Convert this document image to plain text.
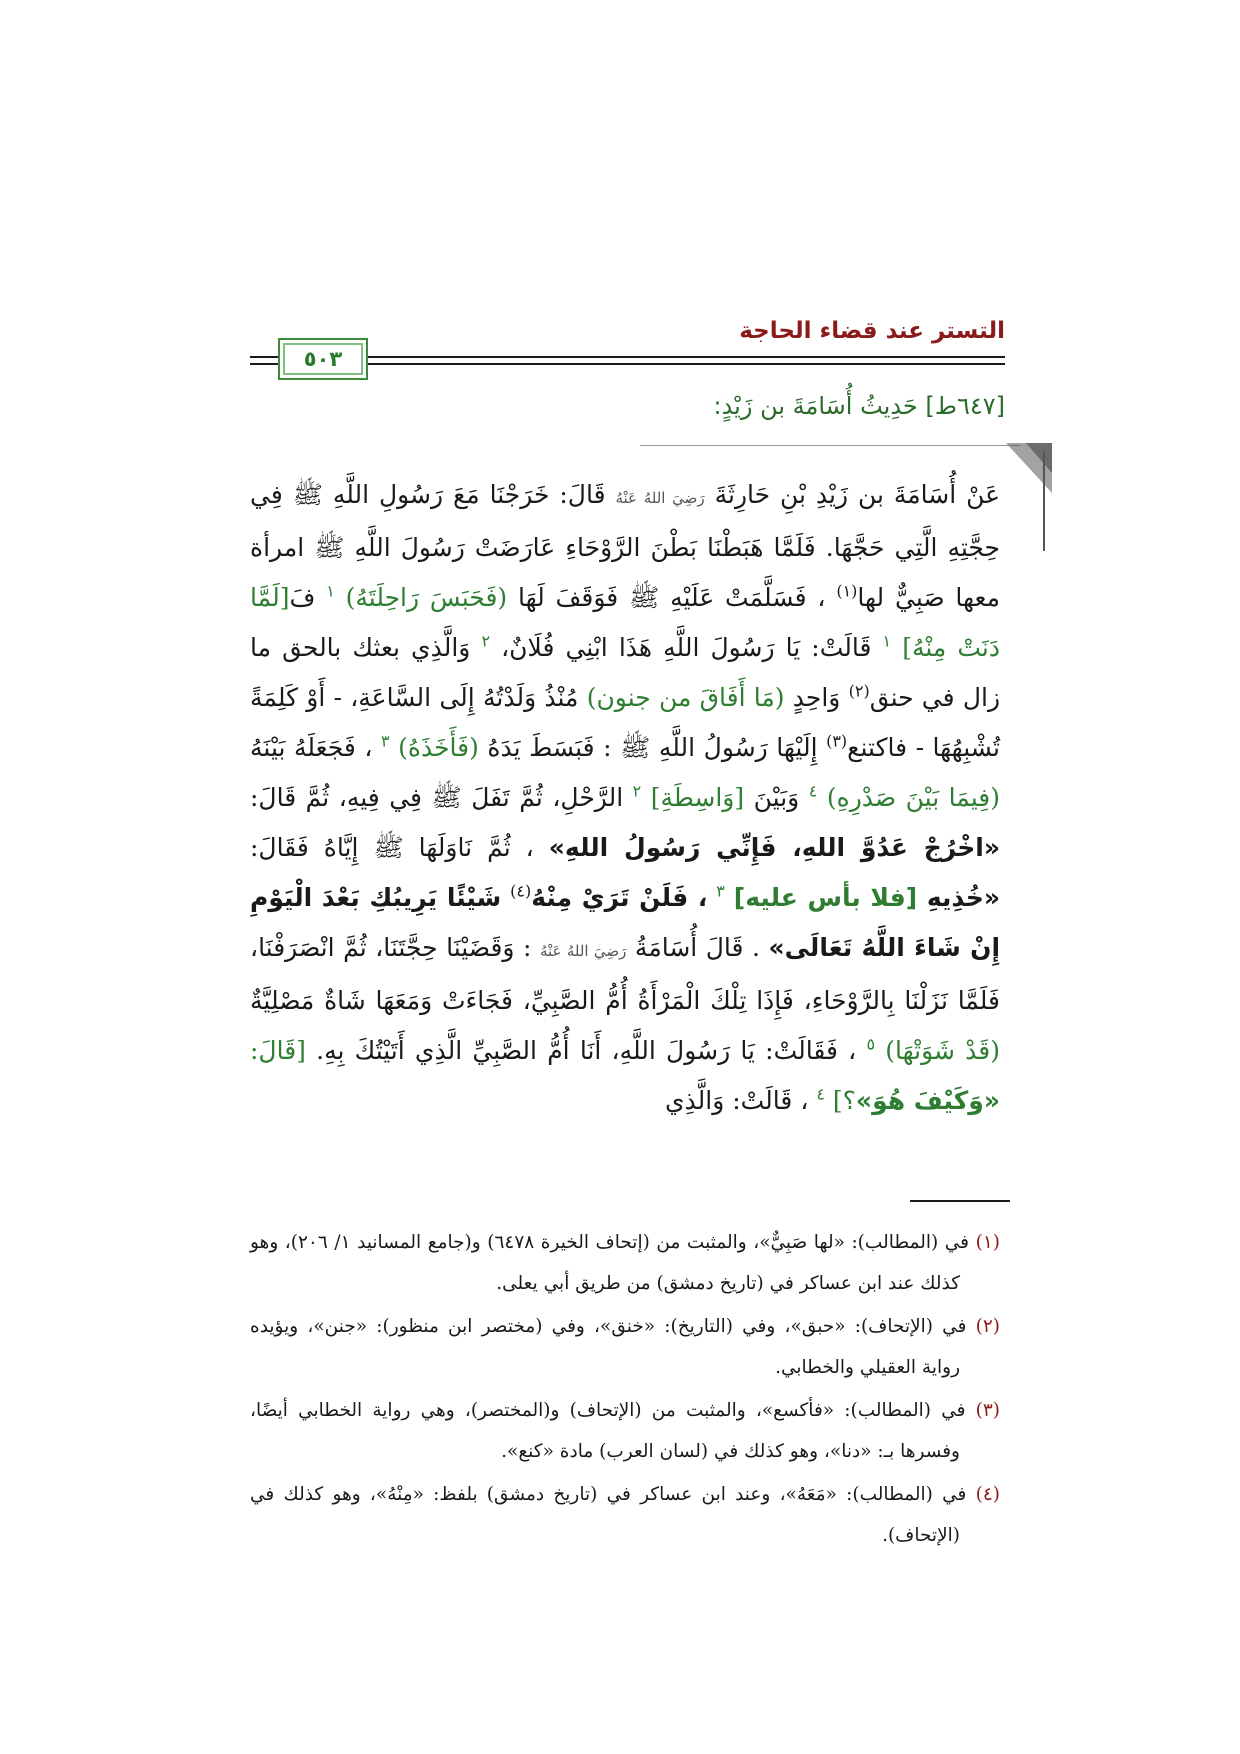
التستر عند قضاء الحاجة
٥٠٣
[٦٤٧ط] حَدِيثُ أُسَامَةَ بن زَيْدٍ:

عَنْ أُسَامَةَ بن زَيْدِ بْنِ حَارِثَةَ رَضِيَ اللهُ عَنْهُ قَالَ: خَرَجْنَا مَعَ رَسُولِ اللَّهِ ﷺ فِي حِجَّتِهِ الَّتِي حَجَّهَا. فَلَمَّا هَبَطْنَا بَطْنَ الرَّوْحَاءِ عَارَضَتْ رَسُولَ اللَّهِ ﷺ امرأة معها صَبِيٌّ لها$^{(١)}$ ، فَسَلَّمَتْ عَلَيْهِ ﷺ فَوَقَفَ لَهَا (فَحَبَسَ رَاحِلَتَهُ) $^١$ فَ[لَمَّا دَنَتْ مِنْهُ] $^١$ قَالَتْ: يَا رَسُولَ اللَّهِ هَذَا ابْنِي فُلَانٌ، $^٢$ وَالَّذِي بعثك بالحق ما زال في حنق$^{(٢)}$ وَاحِدٍ (مَا أَفَاقَ من جنون) مُنْذُ وَلَدْتُهُ إِلَى السَّاعَةِ، - أَوْ كَلِمَةً تُشْبِهُهَا - فاكتنع$^{(٣)}$ إِلَيْهَا رَسُولُ اللَّهِ ﷺ : فَبَسَطَ يَدَهُ (فَأَخَذَهُ) $^٣$ ، فَجَعَلَهُ بَيْنَهُ (فِيمَا بَيْنَ صَدْرِهِ) $^٤$ وَبَيْنَ [وَاسِطَةِ] $^٢$ الرَّحْلِ، ثُمَّ تَفَلَ ﷺ فِي فِيهِ، ثُمَّ قَالَ: «اخْرُجْ عَدُوَّ اللهِ، فَإِنِّي رَسُولُ اللهِ» ، ثُمَّ نَاوَلَهَا ﷺ إِيَّاهُ فَقَالَ: «خُذِيهِ [فلا بأس عليه] $^٣$ ، فَلَنْ تَرَيْ مِنْهُ$^{(٤)}$ شَيْئًا يَرِيبُكِ بَعْدَ الْيَوْمِ إِنْ شَاءَ اللَّهُ تَعَالَى» . قَالَ أُسَامَةُ رَضِيَ اللهُ عَنْهُ : وَقَضَيْنَا حِجَّتَنَا، ثُمَّ انْصَرَفْنَا، فَلَمَّا نَزَلْنَا بِالرَّوْحَاءِ، فَإِذَا تِلْكَ الْمَرْأَةُ أُمُّ الصَّبِيِّ، فَجَاءَتْ وَمَعَهَا شَاةٌ مَصْلِيَّةٌ (قَدْ شَوَتْهَا) $^٥$ ، فَقَالَتْ: يَا رَسُولَ اللَّهِ، أَنَا أُمُّ الصَّبِيِّ الَّذِي أَتَيْتُكَ بِهِ. [قَالَ: «وَكَيْفَ هُوَ»؟] $^٤$ ، قَالَتْ: وَالَّذِي

(١) في (المطالب): «لها صَبِيٌّ»، والمثبت من (إتحاف الخيرة ٦٤٧٨) و(جامع المسانيد ١/ ٢٠٦)، وهو كذلك عند ابن عساكر في (تاريخ دمشق) من طريق أبي يعلى.

(٢) في (الإتحاف): «حبق»، وفي (التاريخ): «خنق»، وفي (مختصر ابن منظور): «جنن»، ويؤيده رواية العقيلي والخطابي.

(٣) في (المطالب): «فأكسع»، والمثبت من (الإتحاف) و(المختصر)، وهي رواية الخطابي أيضًا، وفسرها بـ: «دنا»، وهو كذلك في (لسان العرب) مادة «كنع».

(٤) في (المطالب): «مَعَهُ»، وعند ابن عساكر في (تاريخ دمشق) بلفظ: «مِنْهُ»، وهو كذلك في (الإتحاف).
